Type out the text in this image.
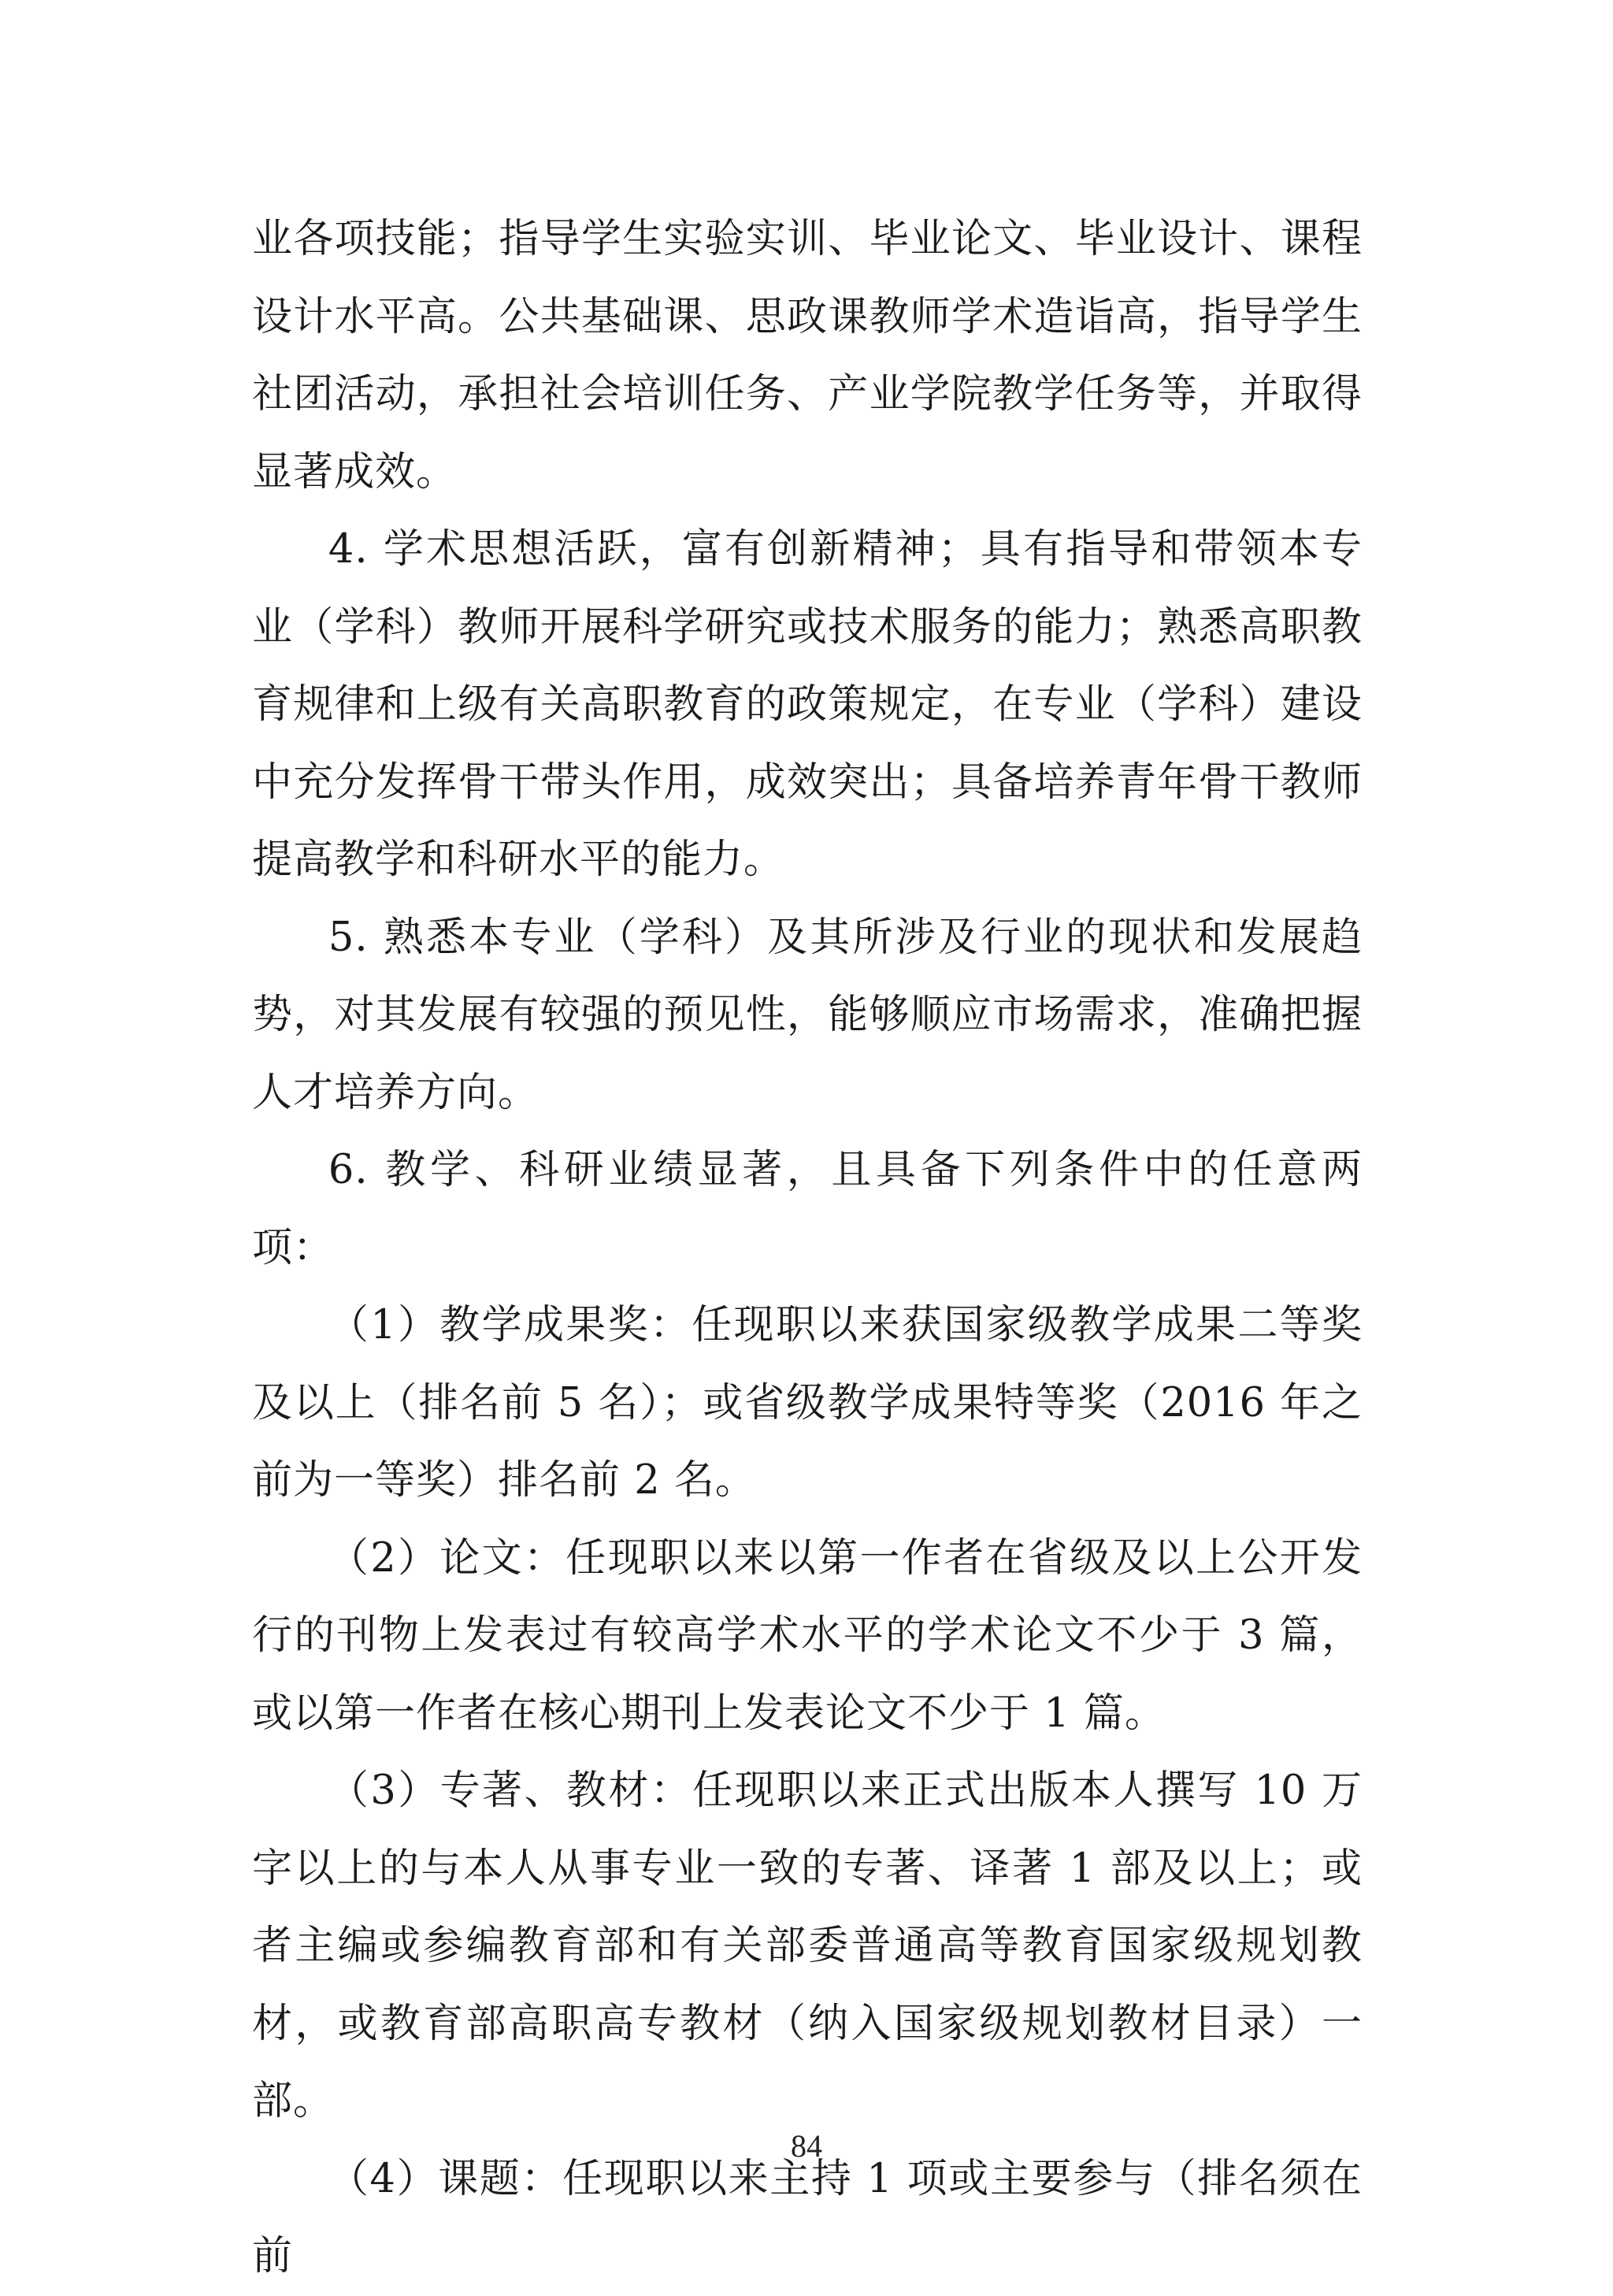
业各项技能；指导学生实验实训、毕业论文、毕业设计、课程设计水平高。公共基础课、思政课教师学术造诣高，指导学生社团活动，承担社会培训任务、产业学院教学任务等，并取得显著成效。

4. 学术思想活跃，富有创新精神；具有指导和带领本专业（学科）教师开展科学研究或技术服务的能力；熟悉高职教育规律和上级有关高职教育的政策规定，在专业（学科）建设中充分发挥骨干带头作用，成效突出；具备培养青年骨干教师提高教学和科研水平的能力。

5. 熟悉本专业（学科）及其所涉及行业的现状和发展趋势，对其发展有较强的预见性，能够顺应市场需求，准确把握人才培养方向。

6. 教学、科研业绩显著，且具备下列条件中的任意两项：

（1）教学成果奖：任现职以来获国家级教学成果二等奖及以上（排名前 5 名）；或省级教学成果特等奖（2016 年之前为一等奖）排名前 2 名。

（2）论文：任现职以来以第一作者在省级及以上公开发行的刊物上发表过有较高学术水平的学术论文不少于 3 篇，或以第一作者在核心期刊上发表论文不少于 1 篇。

（3）专著、教材：任现职以来正式出版本人撰写 10 万字以上的与本人从事专业一致的专著、译著 1 部及以上；或者主编或参编教育部和有关部委普通高等教育国家级规划教材，或教育部高职高专教材（纳入国家级规划教材目录）一部。

（4）课题：任现职以来主持 1 项或主要参与（排名须在前

84
